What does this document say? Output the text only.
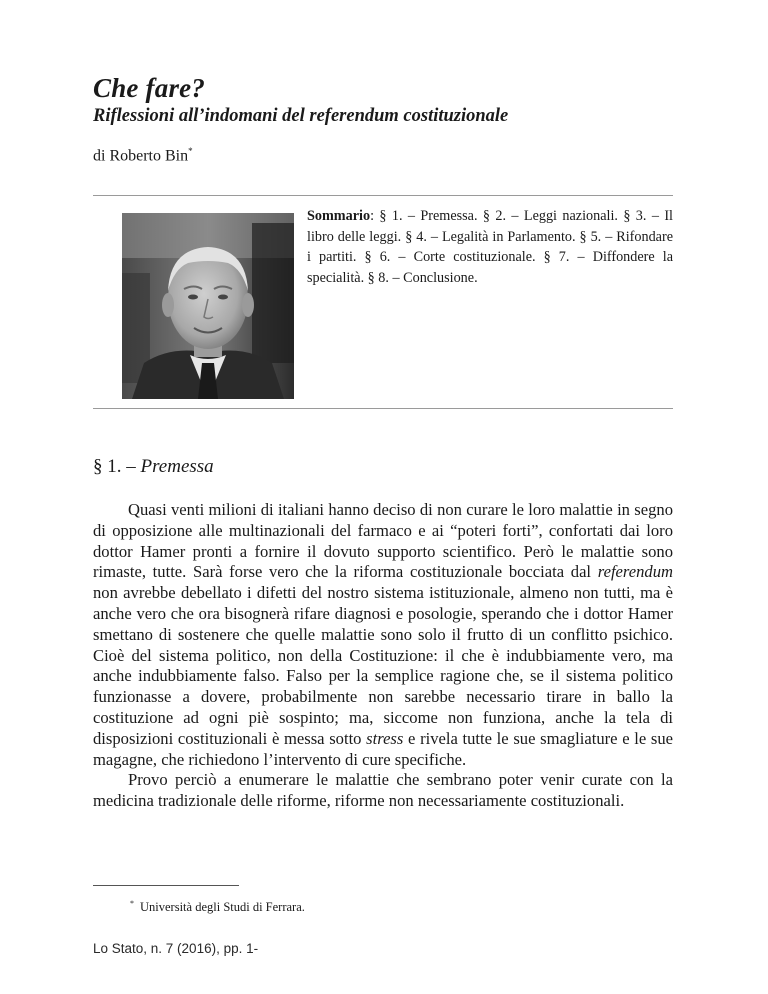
Che fare?
Riflessioni all’indomani del referendum costituzionale
di Roberto Bin*

Sommario: § 1. – Premessa. § 2. – Leggi nazionali. § 3. – Il libro delle leggi. § 4. – Legalità in Parlamento. § 5. – Rifondare i partiti. § 6. – Corte costituzionale. § 7. – Diffondere la specialità. § 8. – Conclusione.

§ 1. – Premessa

Quasi venti milioni di italiani hanno deciso di non curare le loro malattie in segno di opposizione alle multinazionali del farmaco e ai “poteri forti”, confortati dai loro dottor Hamer pronti a fornire il dovuto supporto scientifico. Però le malattie sono rimaste, tutte. Sarà forse vero che la riforma costituzionale bocciata dal referendum non avrebbe debellato i difetti del nostro sistema istituzionale, almeno non tutti, ma è anche vero che ora bisognerà rifare diagnosi e posologie, sperando che i dottor Hamer smettano di sostenere che quelle malattie sono solo il frutto di un conflitto psichico. Cioè del sistema politico, non della Costituzione: il che è indubbiamente vero, ma anche indubbiamente falso. Falso per la semplice ragione che, se il sistema politico funzionasse a dovere, probabilmente non sarebbe necessario tirare in ballo la costituzione ad ogni piè sospinto; ma, siccome non funziona, anche la tela di disposizioni costituzionali è messa sotto stress e rivela tutte le sue smagliature e le sue magagne, che richiedono l’intervento di cure specifiche.

Provo perciò a enumerare le malattie che sembrano poter venir curate con la medicina tradizionale delle riforme, riforme non necessariamente costituzionali.

* Università degli Studi di Ferrara.
Lo Stato, n. 7 (2016), pp. 1-
